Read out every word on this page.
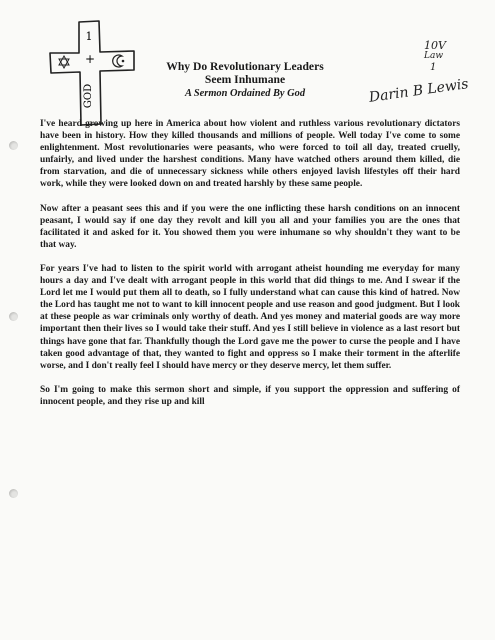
1
+
GOD
Why Do Revolutionary Leaders
Seem Inhumane
A Sermon Ordained By God
10V
Law
1
Darin B Lewis

I've heard growing up here in America about how violent and ruthless various revolutionary dictators have been in history. How they killed thousands and millions of people. Well today I've come to some enlightenment. Most revolutionaries were peasants, who were forced to toil all day, treated cruelly, unfairly, and lived under the harshest conditions. Many have watched others around them killed, die from starvation, and die of unnecessary sickness while others enjoyed lavish lifestyles off their hard work, while they were looked down on and treated harshly by these same people.

Now after a peasant sees this and if you were the one inflicting these harsh conditions on an innocent peasant, I would say if one day they revolt and kill you all and your families you are the ones that facilitated it and asked for it. You showed them you were inhumane so why shouldn't they want to be that way.

For years I've had to listen to the spirit world with arrogant atheist hounding me everyday for many hours a day and I've dealt with arrogant people in this world that did things to me. And I swear if the Lord let me I would put them all to death, so I fully understand what can cause this kind of hatred. Now the Lord has taught me not to want to kill innocent people and use reason and good judgment. But I look at these people as war criminals only worthy of death. And yes money and material goods are way more important then their lives so I would take their stuff. And yes I still believe in violence as a last resort but things have gone that far. Thankfully though the Lord gave me the power to curse the people and I have taken good advantage of that, they wanted to fight and oppress so I make their torment in the afterlife worse, and I don't really feel I should have mercy or they deserve mercy, let them suffer.

So I'm going to make this sermon short and simple, if you support the oppression and suffering of innocent people, and they rise up and kill
